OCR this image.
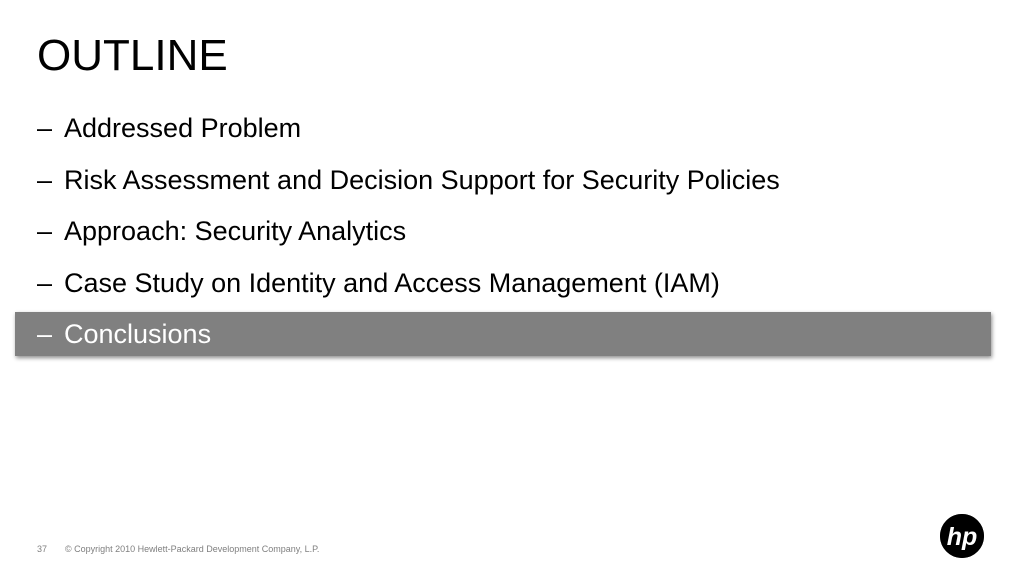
OUTLINE
– Addressed Problem
– Risk Assessment and Decision Support for Security Policies
– Approach: Security Analytics
– Case Study on Identity and Access Management (IAM)
– Conclusions
37 © Copyright 2010 Hewlett-Packard Development Company, L.P.	hp
